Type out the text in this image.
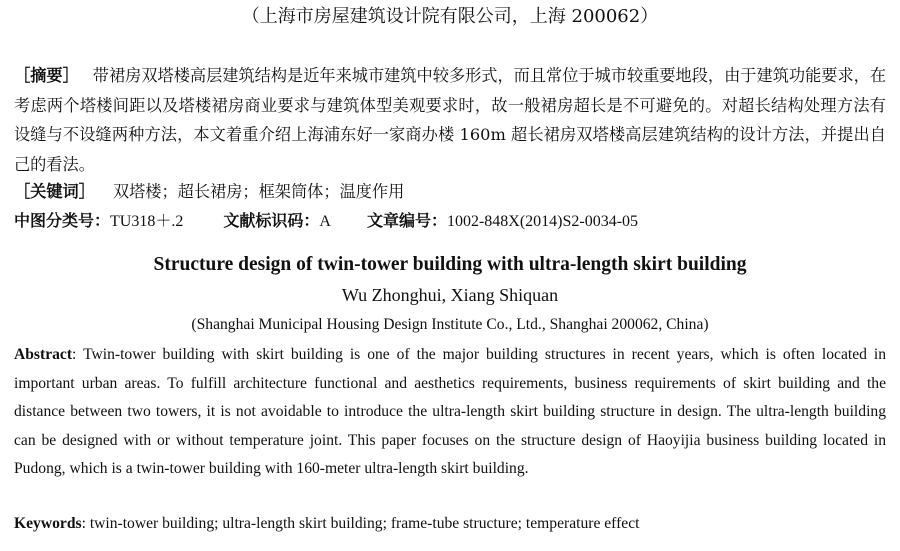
（上海市房屋建筑设计院有限公司，上海 200062）
［摘要］ 带裙房双塔楼高层建筑结构是近年来城市建筑中较多形式，而且常位于城市较重要地段，由于建筑功能要求，在考虑两个塔楼间距以及塔楼裙房商业要求与建筑体型美观要求时，故一般裙房超长是不可避免的。对超长结构处理方法有设缝与不设缝两种方法，本文着重介绍上海浦东好一家商办楼 160m 超长裙房双塔楼高层建筑结构的设计方法，并提出自己的看法。
［关键词］ 双塔楼；超长裙房；框架筒体；温度作用
中图分类号：TU318＋.2	文献标识码：A 文章编号：1002-848X(2014)S2-0034-05
Structure design of twin-tower building with ultra-length skirt building
Wu Zhonghui, Xiang Shiquan
(Shanghai Municipal Housing Design Institute Co., Ltd., Shanghai 200062, China)
Abstract: Twin-tower building with skirt building is one of the major building structures in recent years, which is often located in important urban areas. To fulfill architecture functional and aesthetics requirements, business requirements of skirt building and the distance between two towers, it is not avoidable to introduce the ultra-length skirt building structure in design. The ultra-length building can be designed with or without temperature joint. This paper focuses on the structure design of Haoyijia business building located in Pudong, which is a twin-tower building with 160-meter ultra-length skirt building.
Keywords: twin-tower building; ultra-length skirt building; frame-tube structure; temperature effect
